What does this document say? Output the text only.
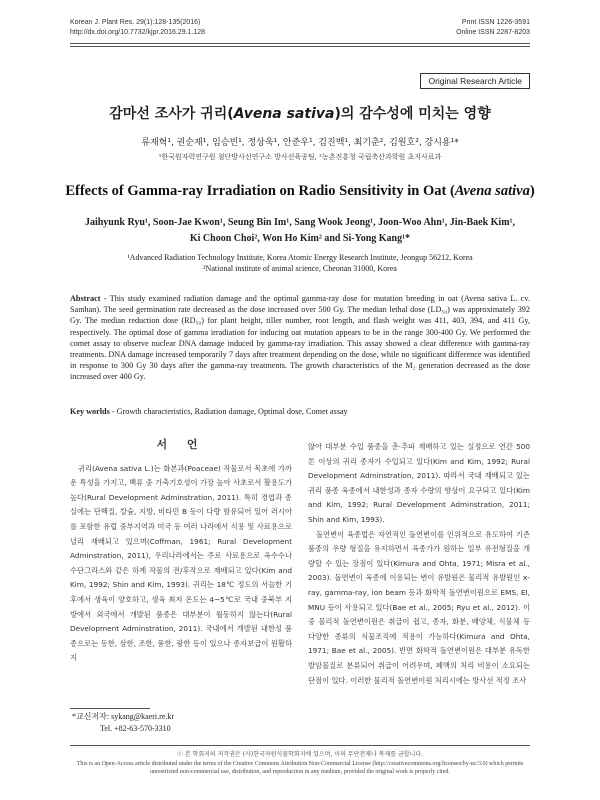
Korean J. Plant Res. 29(1):128-135(2016)
http://dx.doi.org/10.7732/kjpr.2016.29.1.128
Print ISSN 1226-3591
Online ISSN 2287-8203
Original Research Article
감마선 조사가 귀리(Avena sativa)의 감수성에 미치는 영향
류재혁¹, 권순재¹, 임승빈¹, 정상욱¹, 안준우¹, 김진백¹, 최기춘², 김원호², 강시용¹*
¹한국원자력연구원 첨단방사선연구소 방사선육종팀, ²농촌진흥청 국립축산과학원 초지사료과
Effects of Gamma-ray Irradiation on Radio Sensitivity in Oat (Avena sativa)
Jaihyunk Ryu¹, Soon-Jae Kwon¹, Seung Bin Im¹, Sang Wook Jeong¹, Joon-Woo Ahn¹, Jin-Baek Kim¹,
Ki Choon Choi², Won Ho Kim² and Si-Yong Kang¹*
¹Advanced Radiation Technology Institute, Korea Atomic Energy Research Institute, Jeongup 56212, Korea
²National institute of animal science, Cheonan 31000, Korea
Abstract - This study examined radiation damage and the optimal gamma-ray dose for mutation breeding in oat (Avena sativa L. cv. Samhan). The seed germination rate decreased as the dose increased over 500 Gy. The median lethal dose (LD₅₀) was approximately 392 Gy. The median reduction dose (RD₅₀) for plant height, tiller number, root length, and flash weight was 411, 403, 394, and 411 Gy, respectively. The optimal dose of gamma irradiation for inducing oat mutation appears to be in the range 300-400 Gy. We performed the comet assay to observe nuclear DNA damage induced by gamma-ray irradiation. This assay showed a clear difference with gamma-ray treatments. DNA damage increased temporarily 7 days after treatment depending on the dose, while no significant difference was identified in response to 300 Gy 30 days after the gamma-ray treatments. The growth characteristics of the M₂ generation decreased as the dose increased over 400 Gy.
Key worlds - Growth characteristics, Radiation damage, Optimal dose, Comet assay
서 언

귀리(Avena sativa L.)는 화본과(Poaceae) 작물로서 목초에 가까운 특성을 가지고, 백류 중 가축기호성이 가장 높아 사초로서 활용도가 높다(Rural Development Adminstration, 2011). 특히 경엽과 종실에는 단백질, 칼슘, 지방, 비타민 B 등이 다량 함유되어 있어 러시아를 포함한 유럽 중부지역과 미국 등 여러 나라에서 식용 및 사료용으로 널리 재배되고 있으며(Coffman, 1961; Rural Development Adminstration, 2011), 우리나라에서는 주로 사료용으로 옥수수나 수단그라스와 같은 하계 작물의 전/후작으로 재배되고 있다(Kim and Kim, 1992; Shin and Kim, 1993). 귀리는 18℃ 정도의 서늘한 기후에서 생육이 양호하고, 생육 최저 온도는 4~5℃로 국내 중북부 지방에서 외국에서 개발된 품종은 대부분이 월동하지 않는다(Rural Development Adminstration, 2011). 국내에서 개발된 내한성 품종으로는 동한, 삼한, 조한, 풍한, 광한 등이 있으나 종자보급이 원활하지

않아 대부분 수입 품종을 춘·추파 재배하고 있는 실정으로 연간 500 톤 이상의 귀리 종자가 수입되고 있다(Kim and Kim, 1992; Rural Development Adminstration, 2011). 따라서 국내 재배되고 있는 귀리 품종 육종에서 내한성과 종자 수량의 향상이 요구되고 있다(Kim and Kim, 1992; Rural Development Adminstration, 2011; Shin and Kim, 1993).

돌연변이 육종법은 자연적인 돌연변이를 인위적으로 유도하여 기존 품종의 우량 형질을 유지하면서 육종가가 원하는 일부 유전형질을 개량할 수 있는 장점이 있다(Kimura and Ohta, 1971; Misra et al., 2003). 돌연변이 육종에 이용되는 변이 유발원은 물리적 유발원인 x-ray, gamma-ray, ion beam 등과 화학적 돌연변이원으로 EMS, EI, MNU 등이 사용되고 있다(Bae et al., 2005; Ryu et al., 2012). 이 중 물리적 돌연변이원은 취급이 쉽고, 종자, 화분, 배양체, 식물체 등 다양한 종류의 식물조직에 적용이 가능하다(Kimura and Ohta, 1971; Bae et al., 2005). 반면 화학적 돌연변이원은 대부분 유독한 발암물질로 분류되어 취급이 어려우며, 폐액의 처리 비용이 소요되는 단점이 있다. 이러한 물리적 돌연변이원 처리시에는 방사선 적정 조사

*교신저자: sykang@kaeri.re.kr
Tel. +82-63-570-3310
ⓒ 본 학회지의 저작권은 (사)한국자원식물학회지에 있으며, 이의 무단전재나 복제를 금합니다.
This is an Open-Access article distributed under the terms of the Creative Commons Attribution Non-Commercial License (http://creativecommons.org/licenses/by-nc/3.0) which permits unrestricted non-commercial use, distribution, and reproduction in any medium, provided the original work is properly cited.
